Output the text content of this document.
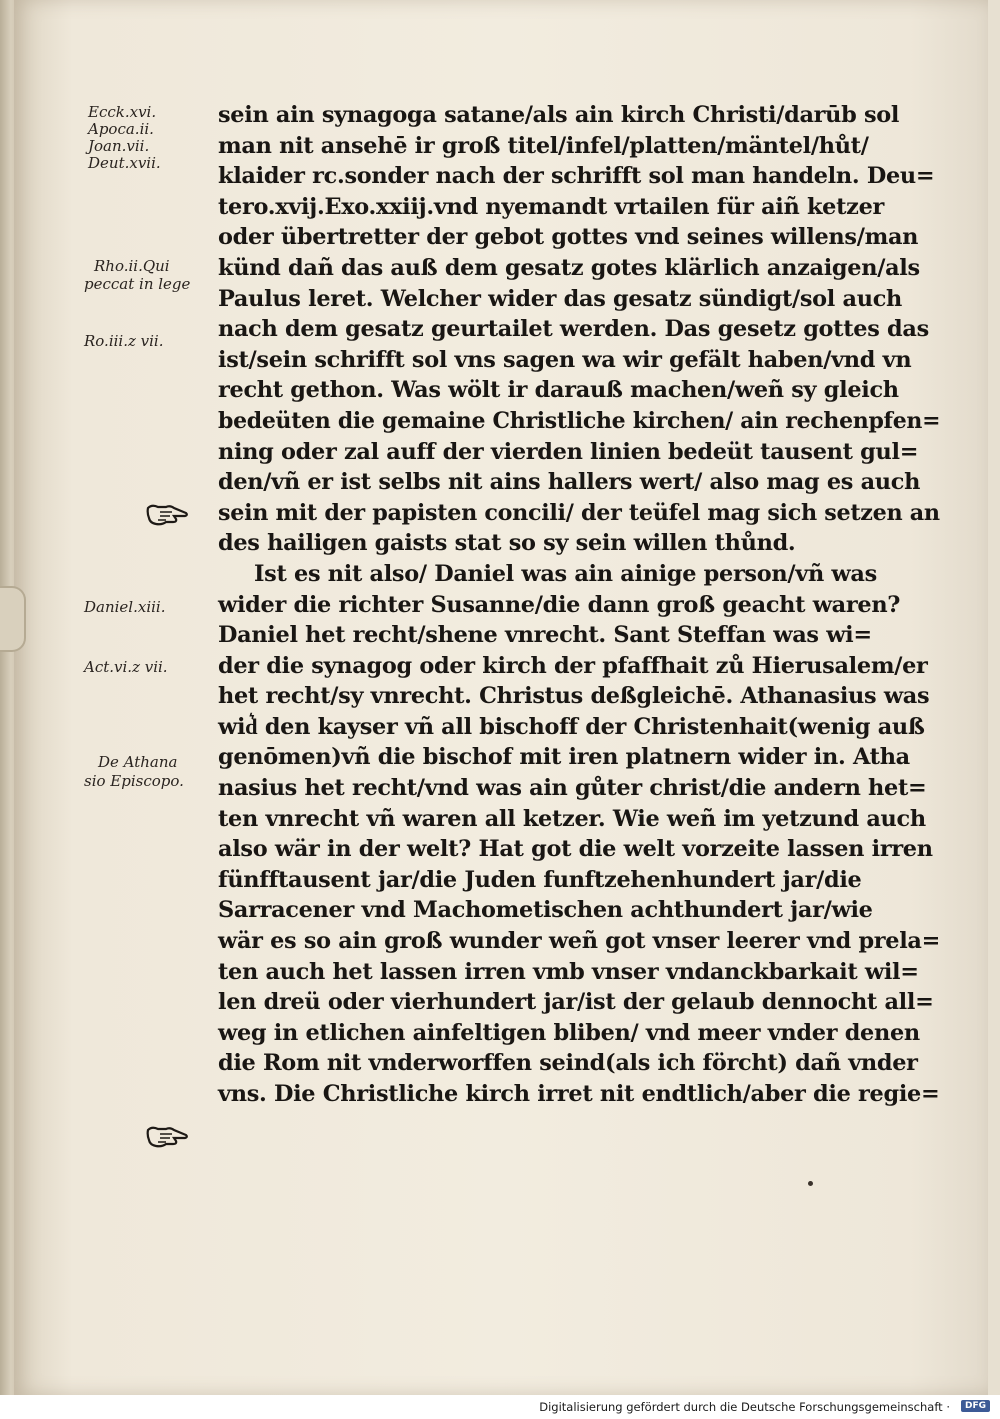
Ecck.xvi.
Apoca.ii.
Joan.vii.
Deut.xvii.
Rho.ii.Qui
peccat in lege
Ro.iii.z vii.
Daniel.xiii.
Act.vi.z vii.
De Athana
sio Episcopo.
sein ain synagoga satane/als ain kirch Christi/darūb sol
man nit ansehē ir groß titel/infel/platten/mäntel/hůt/
klaider rc.sonder nach der schrifft sol man handeln. Deu=
tero.xvij.Exo.xxiij.vnd nyemandt vrtailen für aiñ ketzer
oder übertretter der gebot gottes vnd seines willens/man
künd dañ das auß dem gesatz gotes klärlich anzaigen/als
Paulus leret. Welcher wider das gesatz sündigt/sol auch
nach dem gesatz geurtailet werden. Das gesetz gottes das
ist/sein schrifft sol vns sagen wa wir gefält haben/vnd vn
recht gethon. Was wölt ir darauß machen/weñ sy gleich
bedeüten die gemaine Christliche kirchen/ ain rechenpfen=
ning oder zal auff der vierden linien bedeüt tausent gul=
den/vñ er ist selbs nit ains hallers wert/ also mag es auch
sein mit der papisten concili/ der teüfel mag sich setzen an
des hailigen gaists stat so sy sein willen thůnd.
Ist es nit also/ Daniel was ain ainige person/vñ was
wider die richter Susanne/die dann groß geacht waren?
Daniel het recht/shene vnrecht. Sant Steffan was wi=
der die synagog oder kirch der pfaffhait zů Hierusalem/er
het recht/sy vnrecht. Christus deßgleichē. Athanasius was
wid͛ den kayser vñ all bischoff der Christenhait(wenig auß
genōmen)vñ die bischof mit iren platnern wider in. Atha
nasius het recht/vnd was ain gůter christ/die andern het=
ten vnrecht vñ waren all ketzer. Wie weñ im yetzund auch
also wär in der welt? Hat got die welt vorzeite lassen irren
fünfftausent jar/die Juden funftzehenhundert jar/die
Sarracener vnd Machometischen achthundert jar/wie
wär es so ain groß wunder weñ got vnser leerer vnd prela=
ten auch het lassen irren vmb vnser vndanckbarkait wil=
len dreü oder vierhundert jar/ist der gelaub dennocht all=
weg in etlichen ainfeltigen bliben/ vnd meer vnder denen
die Rom nit vnderworffen seind(als ich förcht) dañ vnder
vns. Die Christliche kirch irret nit endtlich/aber die regie=
Digitalisierung gefördert durch die Deutsche Forschungsgemeinschaft ·	DFG
